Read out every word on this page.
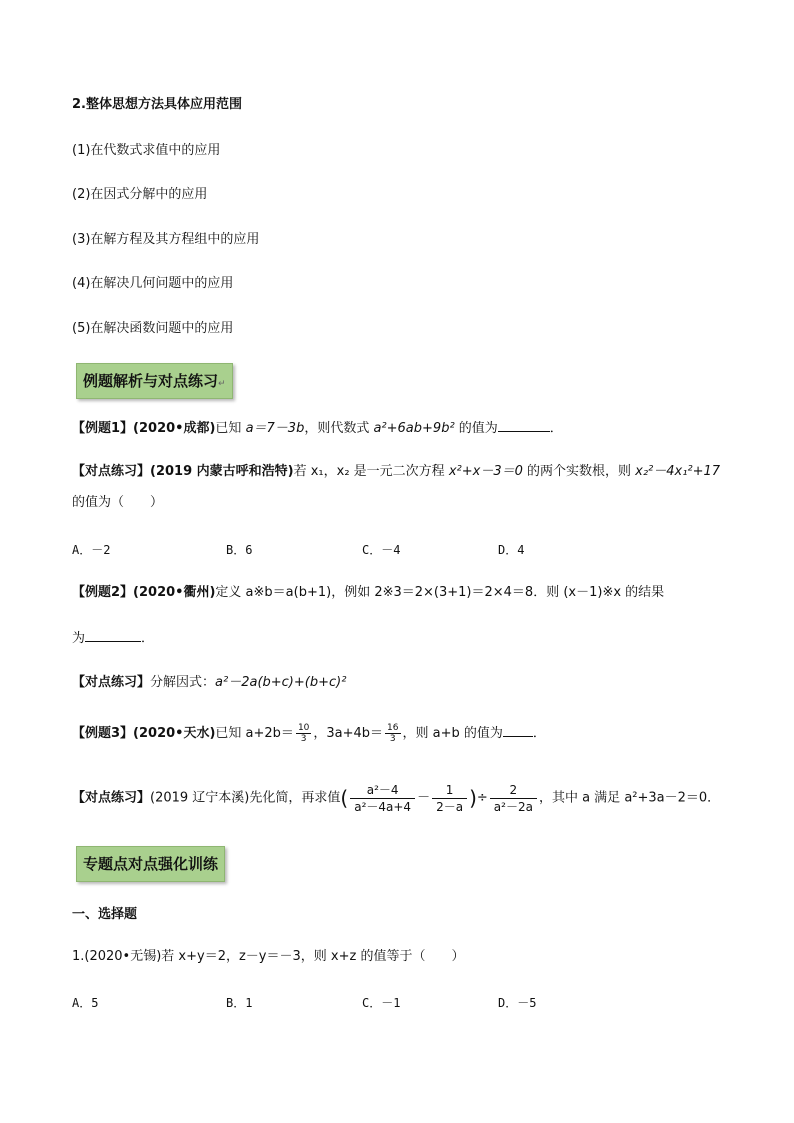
2.整体思想方法具体应用范围
(1)在代数式求值中的应用
(2)在因式分解中的应用
(3)在解方程及其方程组中的应用
(4)在解决几何问题中的应用
(5)在解决函数问题中的应用
例题解析与对点练习↵
【例题1】(2020•成都)已知 a＝7－3b，则代数式 a²+6ab+9b² 的值为	．
【对点练习】(2019 内蒙古呼和浩特)若 x₁，x₂ 是一元二次方程 x²+x－3＝0 的两个实数根，则 x₂²－4x₁²+17
的值为（　　）
A．－2	B．6	C．－4	D．4
【例题2】(2020•衢州)定义 a※b＝a(b+1)，例如 2※3＝2×(3+1)＝2×4＝8．则 (x－1)※x 的结果
为	．
【对点练习】分解因式：a²－2a(b+c)+(b+c)²
【例题3】(2020•天水)已知 $a+2b= \frac{10}{3}$ ，$3a+4b= \frac{16}{3}$ ，则 a+b 的值为 ．
【对点练习】(2019 辽宁本溪)先化简，再求值( $\frac{\text{a²－4}}{\text{a²－4a+4}} - \frac{1}{2-a}$ )÷ $\frac{2}{\text{a²－2a}}$ ，其中 a 满足 a²+3a－2＝0．
专题点对点强化训练
一、选择题
1.(2020•无锡)若 x+y＝2，z－y＝－3，则 x+z 的值等于（　　）
A．5	B．1	C．－1	D．－5
